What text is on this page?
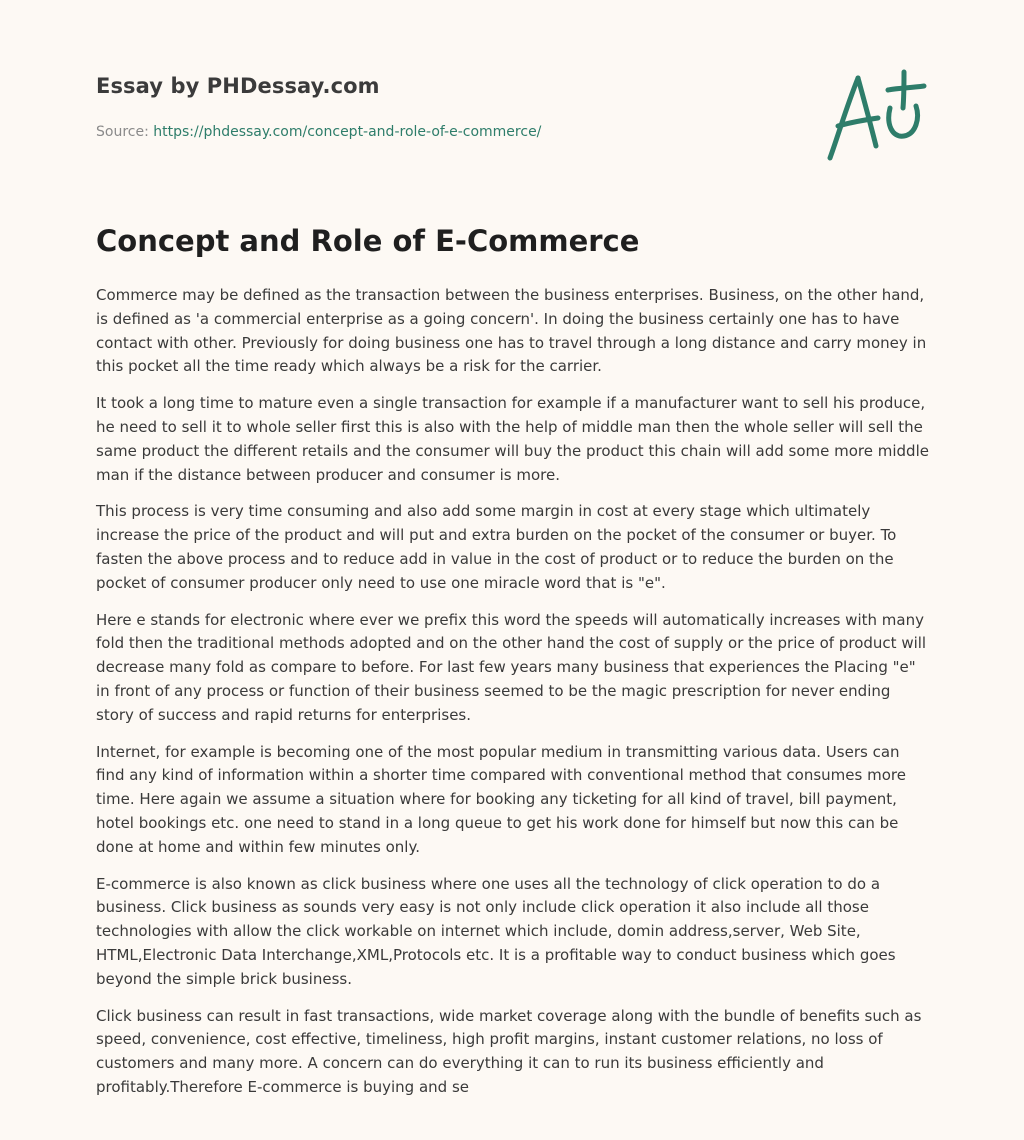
Essay by PHDessay.com
Source: https://phdessay.com/concept-and-role-of-e-commerce/
Concept and Role of E-Commerce

Commerce may be defined as the transaction between the business enterprises. Business, on the other hand, is defined as 'a commercial enterprise as a going concern'. In doing the business certainly one has to have contact with other. Previously for doing business one has to travel through a long distance and carry money in this pocket all the time ready which always be a risk for the carrier.

It took a long time to mature even a single transaction for example if a manufacturer want to sell his produce, he need to sell it to whole seller first this is also with the help of middle man then the whole seller will sell the same product the different retails and the consumer will buy the product this chain will add some more middle man if the distance between producer and consumer is more.

This process is very time consuming and also add some margin in cost at every stage which ultimately increase the price of the product and will put and extra burden on the pocket of the consumer or buyer. To fasten the above process and to reduce add in value in the cost of product or to reduce the burden on the pocket of consumer producer only need to use one miracle word that is "e".

Here e stands for electronic where ever we prefix this word the speeds will automatically increases with many fold then the traditional methods adopted and on the other hand the cost of supply or the price of product will decrease many fold as compare to before. For last few years many business that experiences the Placing "e" in front of any process or function of their business seemed to be the magic prescription for never ending story of success and rapid returns for enterprises.

Internet, for example is becoming one of the most popular medium in transmitting various data. Users can find any kind of information within a shorter time compared with conventional method that consumes more time. Here again we assume a situation where for booking any ticketing for all kind of travel, bill payment, hotel bookings etc. one need to stand in a long queue to get his work done for himself but now this can be done at home and within few minutes only.

E-commerce is also known as click business where one uses all the technology of click operation to do a business. Click business as sounds very easy is not only include click operation it also include all those technologies with allow the click workable on internet which include, domin address,server, Web Site, HTML,Electronic Data Interchange,XML,Protocols etc. It is a profitable way to conduct business which goes beyond the simple brick business.

Click business can result in fast transactions, wide market coverage along with the bundle of benefits such as speed, convenience, cost effective, timeliness, high profit margins, instant customer relations, no loss of customers and many more. A concern can do everything it can to run its business efficiently and profitably.Therefore E-commerce is buying and se
